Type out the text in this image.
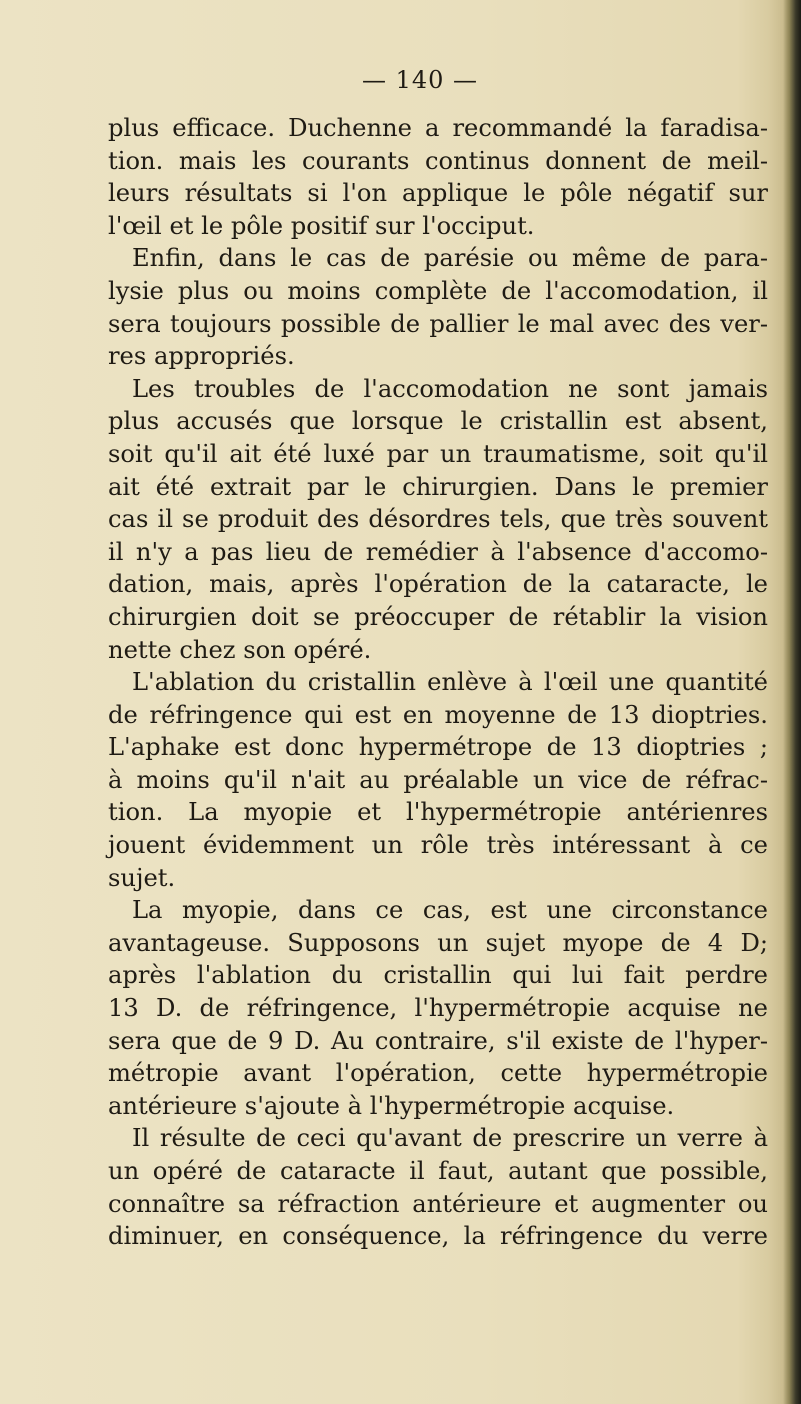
— 140 —
plus efficace. Duchenne a recommandé la faradisa-
tion. mais les courants continus donnent de meil-
leurs résultats si l'on applique le pôle négatif sur
l'œil et le pôle positif sur l'occiput.
Enfin, dans le cas de parésie ou même de para-
lysie plus ou moins complète de l'accomodation, il
sera toujours possible de pallier le mal avec des ver-
res appropriés.
Les troubles de l'accomodation ne sont jamais
plus accusés que lorsque le cristallin est absent,
soit qu'il ait été luxé par un traumatisme, soit qu'il
ait été extrait par le chirurgien. Dans le premier
cas il se produit des désordres tels, que très souvent
il n'y a pas lieu de remédier à l'absence d'accomo-
dation, mais, après l'opération de la cataracte, le
chirurgien doit se préoccuper de rétablir la vision
nette chez son opéré.
L'ablation du cristallin enlève à l'œil une quantité
de réfringence qui est en moyenne de 13 dioptries.
L'aphake est donc hypermétrope de 13 dioptries ;
à moins qu'il n'ait au préalable un vice de réfrac-
tion. La myopie et l'hypermétropie antérienres
jouent évidemment un rôle très intéressant à ce
sujet.
La myopie, dans ce cas, est une circonstance
avantageuse. Supposons un sujet myope de 4 D;
après l'ablation du cristallin qui lui fait perdre
13 D. de réfringence, l'hypermétropie acquise ne
sera que de 9 D. Au contraire, s'il existe de l'hyper-
métropie avant l'opération, cette hypermétropie
antérieure s'ajoute à l'hypermétropie acquise.
Il résulte de ceci qu'avant de prescrire un verre à
un opéré de cataracte il faut, autant que possible,
connaître sa réfraction antérieure et augmenter ou
diminuer, en conséquence, la réfringence du verre
